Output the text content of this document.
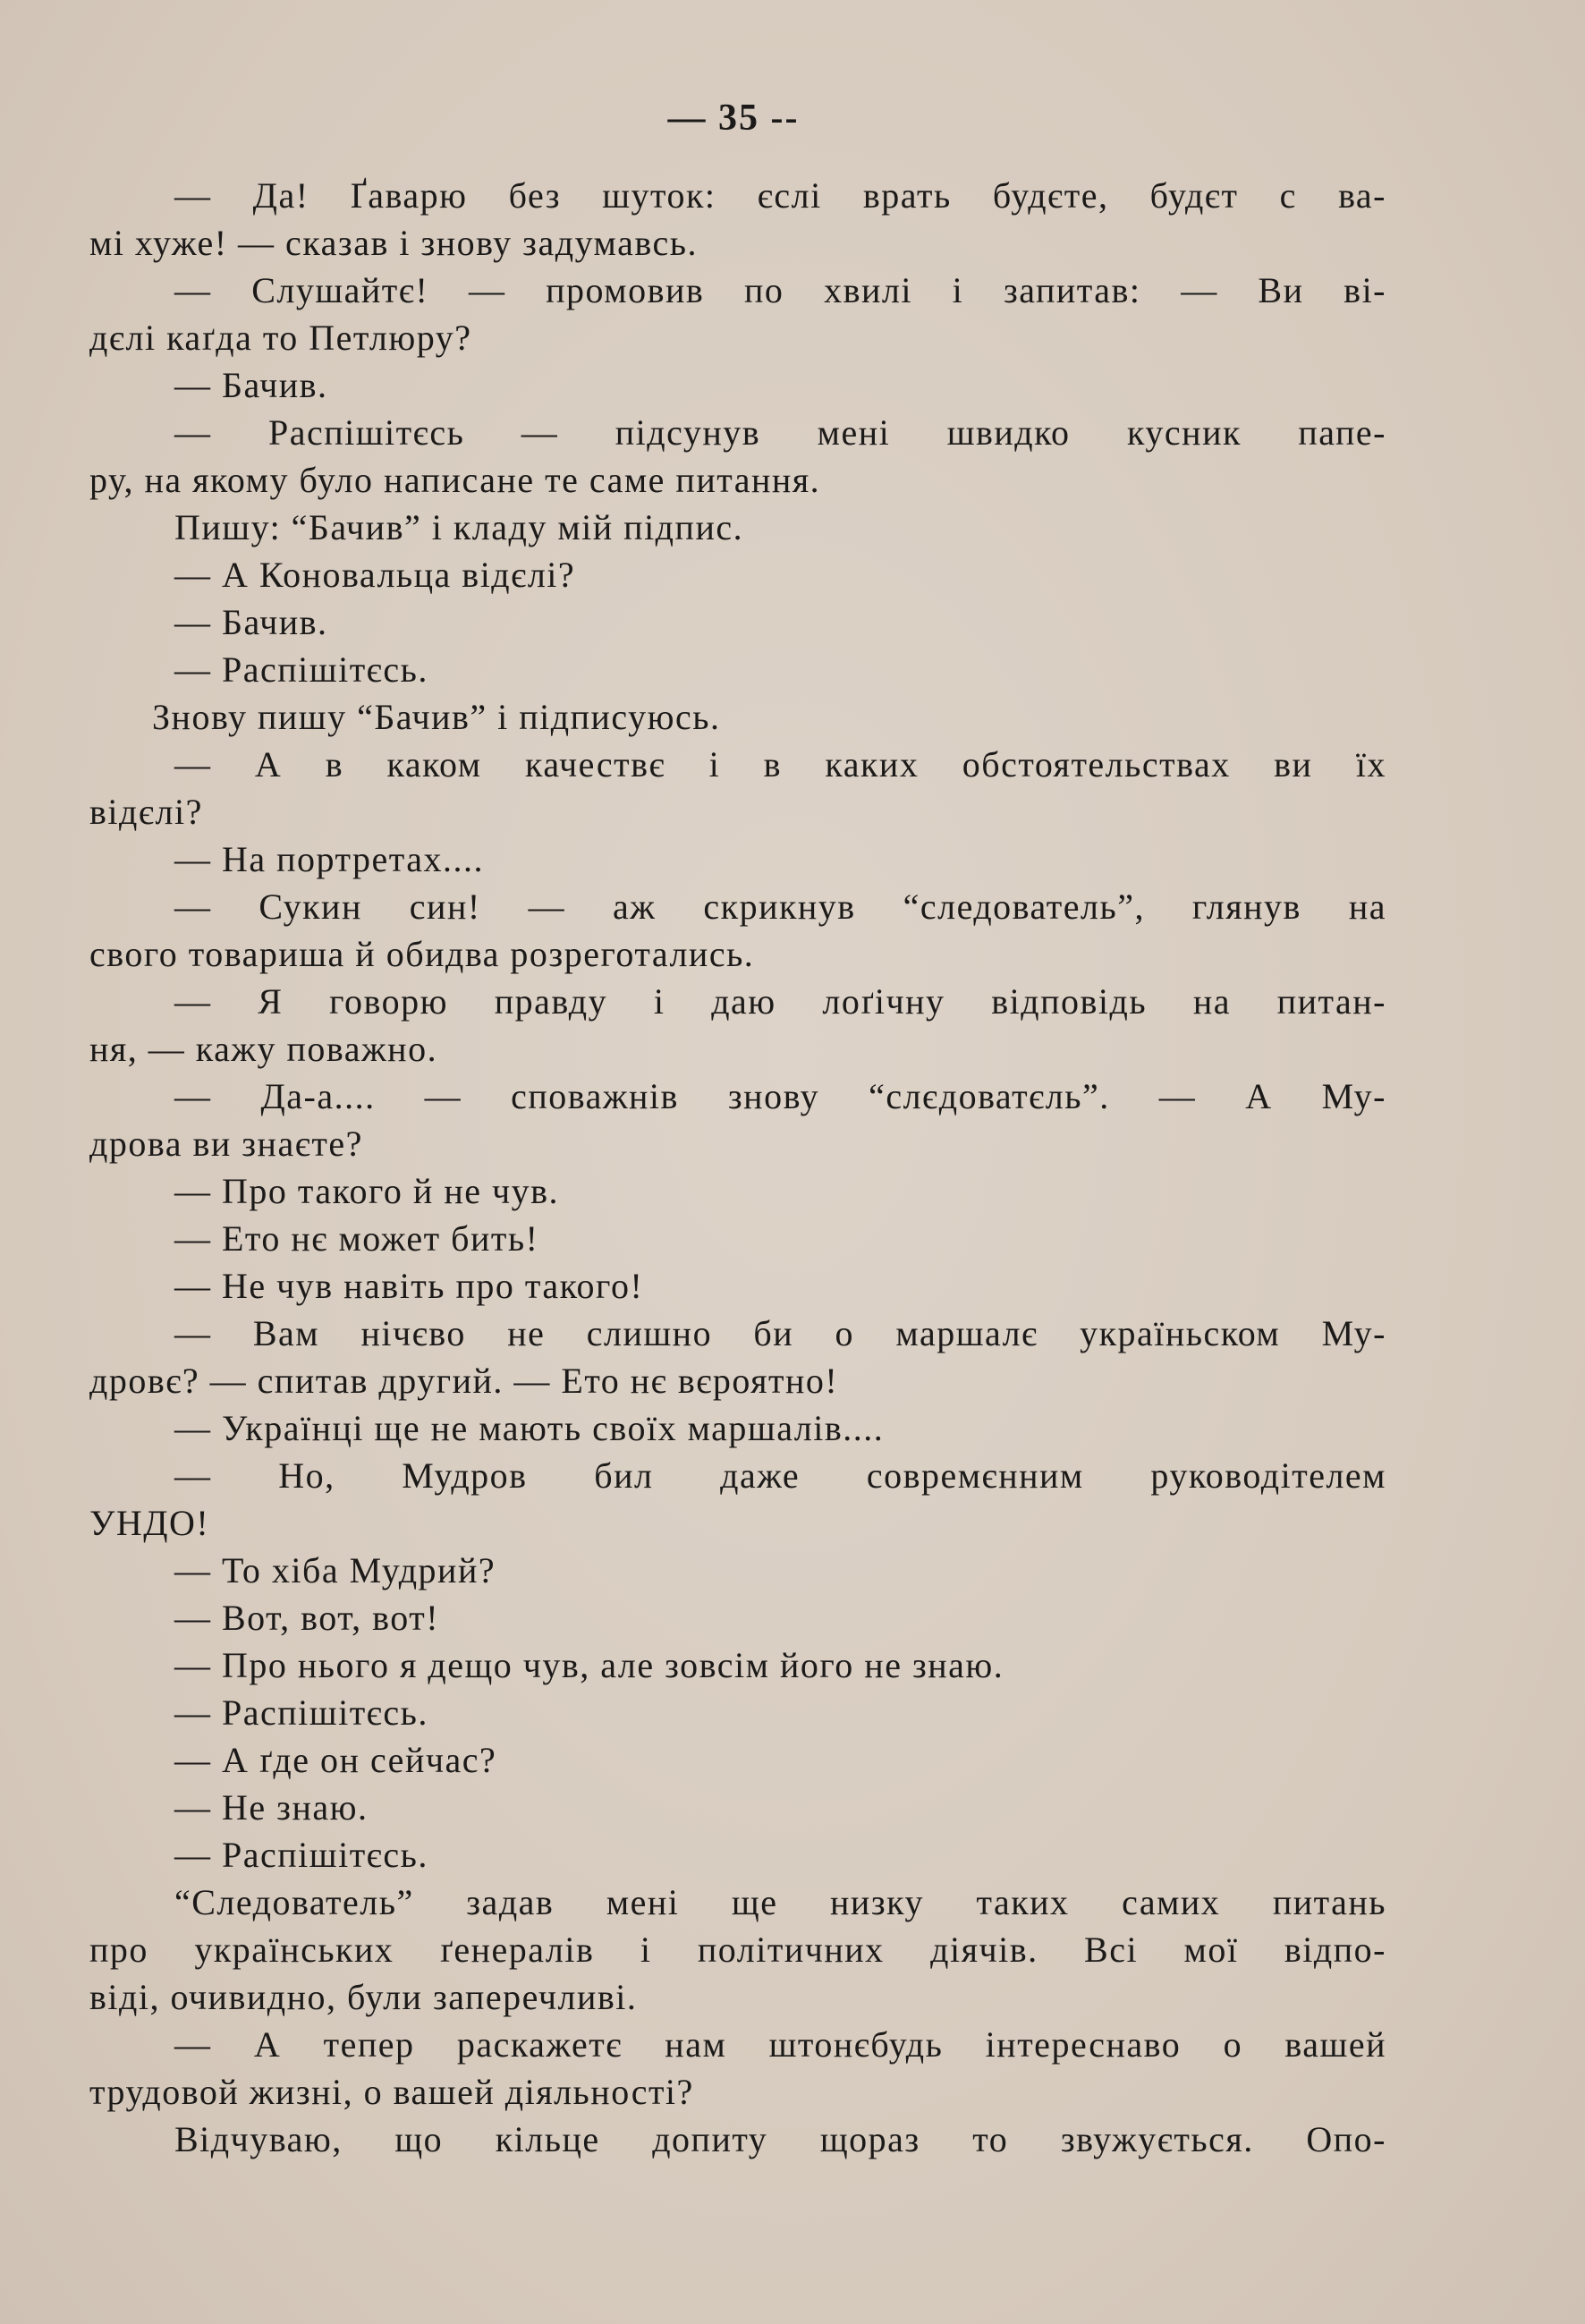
— 35 --

— Да! Ґаварю без шуток: єслі врать будєте, будєт с ва-

мі хуже! — сказав і знову задумавсь.

— Слушайтє! — промовив по хвилі і запитав: — Ви ві-

дєлі каґда то Петлюру?

— Бачив.

— Распішітєсь — підсунув мені швидко кусник папе-

ру, на якому було написане те саме питання.

Пишу: “Бачив” і кладу мій підпис.

— А Коновальца відєлі?

— Бачив.

— Распішітєсь.

Знову пишу “Бачив” і підписуюсь.

— А в каком качествє і в каких обстоятельствах ви їх

відєлі?

— На портретах....

— Сукин син! — аж скрикнув “следователь”, глянув на

свого товариша й обидва розреготались.

— Я говорю правду і даю лоґічну відповідь на питан-

ня, — кажу поважно.

— Да-а.... — споважнів знову “слєдоватєль”. — А Му-

дрова ви знаєте?

— Про такого й не чув.

— Ето нє может бить!

— Не чув навіть про такого!

— Вам нічєво не слишно би о маршалє украïньском Му-

дровє? — спитав другий. — Ето нє вєроятно!

— Українці ще не мають своїх маршалів....

— Но, Мудров бил даже совремєнним руководітелем

УНДО!

— То хіба Мудрий?

— Вот, вот, вот!

— Про нього я дещо чув, але зовсім його не знаю.

— Распішітєсь.

— А ґде он сейчас?

— Не знаю.

— Распішітєсь.

“Следователь” задав мені ще низку таких самих питань

про українських ґенералів і політичних діячів. Всі мої відпо-

віді, очивидно, були заперечливі.

— А тепер раскажетє нам штонєбудь інтереснаво о вашей

трудовой жизні, о вашей діяльності?

Відчуваю, що кільце допиту щораз то звужується. Опо-
